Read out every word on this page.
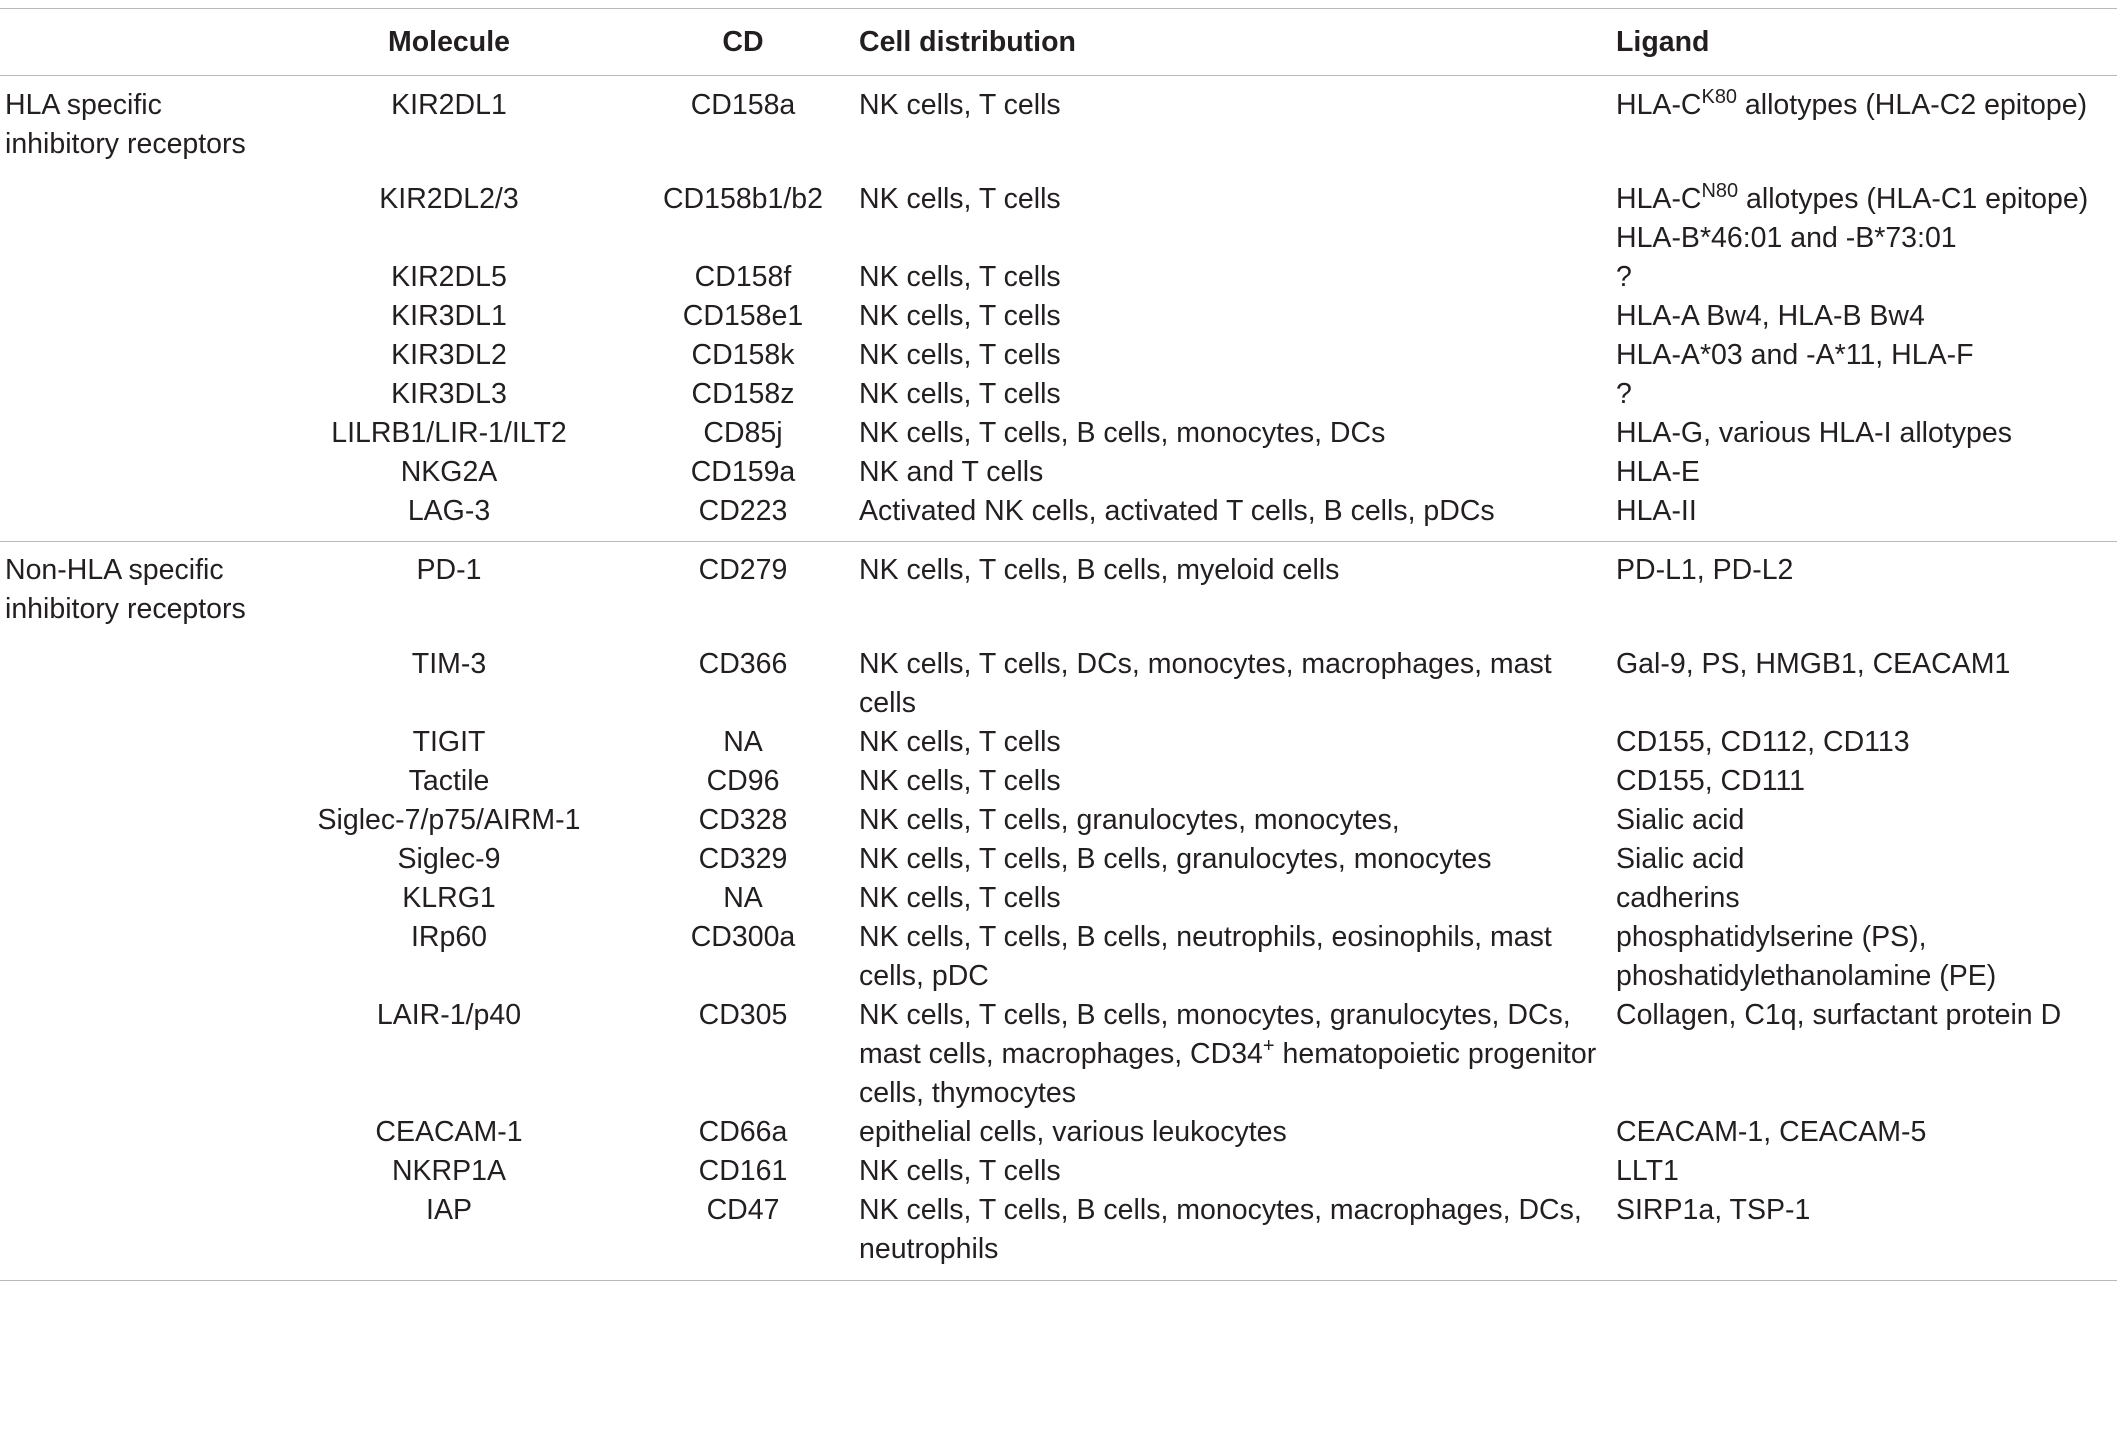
	Molecule	CD	Cell distribution	Ligand
HLA specific inhibitory receptors	KIR2DL1	CD158a	NK cells, T cells	HLA-$C^{K80}$ allotypes (HLA-C2 epitope)
	KIR2DL2/3	CD158b1/b2	NK cells, T cells	HLA-$C^{N80}$ allotypes (HLA-C1 epitope)
HLA-B*46:01 and -B*73:01
	KIR2DL5	CD158f	NK cells, T cells	?
	KIR3DL1	CD158e1	NK cells, T cells	HLA-A Bw4, HLA-B Bw4
	KIR3DL2	CD158k	NK cells, T cells	HLA-A*03 and -A*11, HLA-F
	KIR3DL3	CD158z	NK cells, T cells	?
	LILRB1/LIR-1/ILT2	CD85j	NK cells, T cells, B cells, monocytes, DCs	HLA-G, various HLA-I allotypes
	NKG2A	CD159a	NK and T cells	HLA-E
	LAG-3	CD223	Activated NK cells, activated T cells, B cells, pDCs	HLA-II
Non-HLA specific inhibitory receptors	PD-1	CD279	NK cells, T cells, B cells, myeloid cells	PD-L1, PD-L2
	TIM-3	CD366	NK cells, T cells, DCs, monocytes, macrophages, mast cells	Gal-9, PS, HMGB1, CEACAM1
	TIGIT	NA	NK cells, T cells	CD155, CD112, CD113
	Tactile	CD96	NK cells, T cells	CD155, CD111
	Siglec-7/p75/AIRM-1	CD328	NK cells, T cells, granulocytes, monocytes,	Sialic acid
	Siglec-9	CD329	NK cells, T cells, B cells, granulocytes, monocytes	Sialic acid
	KLRG1	NA	NK cells, T cells	cadherins
	IRp60	CD300a	NK cells, T cells, B cells, neutrophils, eosinophils, mast cells, pDC	phosphatidylserine (PS), phoshatidylethanolamine (PE)
	LAIR-1/p40	CD305	NK cells, T cells, B cells, monocytes, granulocytes, DCs, mast cells, macrophages, CD34+ hematopoietic progenitor cells, thymocytes	Collagen, C1q, surfactant protein D
	CEACAM-1	CD66a	epithelial cells, various leukocytes	CEACAM-1, CEACAM-5
	NKRP1A	CD161	NK cells, T cells	LLT1
	IAP	CD47	NK cells, T cells, B cells, monocytes, macrophages, DCs, neutrophils	SIRP1a, TSP-1
